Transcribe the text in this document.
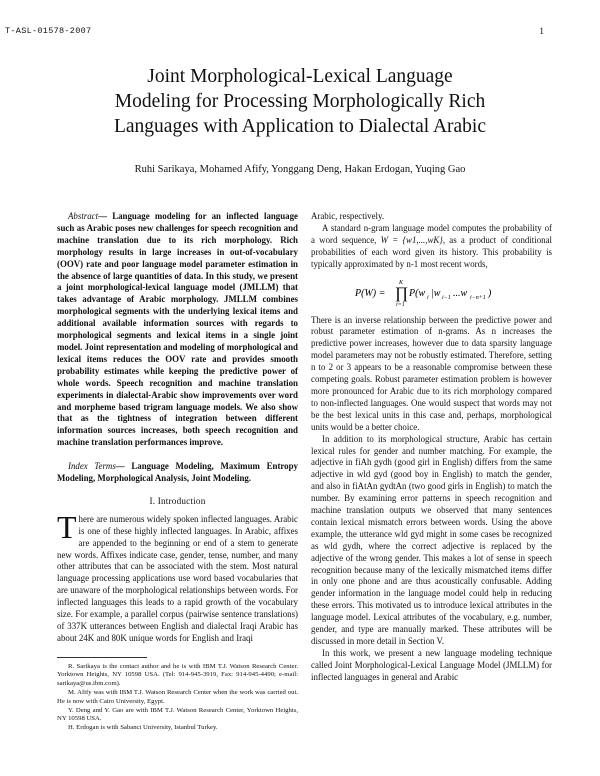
T-ASL-01578-2007	1
Joint Morphological-Lexical Language
Modeling for Processing Morphologically Rich
Languages with Application to Dialectal Arabic
Ruhi Sarikaya, Mohamed Afify, Yonggang Deng, Hakan Erdogan, Yuqing Gao

Abstract— Language modeling for an inflected language such as Arabic poses new challenges for speech recognition and machine translation due to its rich morphology. Rich morphology results in large increases in out-of-vocabulary (OOV) rate and poor language model parameter estimation in the absence of large quantities of data. In this study, we present a joint morphological-lexical language model (JMLLM) that takes advantage of Arabic morphology. JMLLM combines morphological segments with the underlying lexical items and additional available information sources with regards to morphological segments and lexical items in a single joint model. Joint representation and modeling of morphological and lexical items reduces the OOV rate and provides smooth probability estimates while keeping the predictive power of whole words. Speech recognition and machine translation experiments in dialectal-Arabic show improvements over word and morpheme based trigram language models. We also show that as the tightness of integration between different information sources increases, both speech recognition and machine translation performances improve.

Index Terms— Language Modeling, Maximum Entropy Modeling, Morphological Analysis, Joint Modeling.

I. Introduction

There are numerous widely spoken inflected languages. Arabic is one of these highly inflected languages. In Arabic, affixes are appended to the beginning or end of a stem to generate new words. Affixes indicate case, gender, tense, number, and many other attributes that can be associated with the stem. Most natural language processing applications use word based vocabularies that are unaware of the morphological relationships between words. For inflected languages this leads to a rapid growth of the vocabulary size. For example, a parallel corpus (pairwise sentence translations) of 337K utterances between English and dialectal Iraqi Arabic has about 24K and 80K unique words for English and Iraqi

R. Sarikaya is the contact author and he is with IBM T.J. Watson Research Center. Yorktown Heights, NY 10598 USA. (Tel: 914-945-3919, Fax: 914-945-4490; e-mail: sarikaya@us.ibm.com).

M. Afify was with IBM T.J. Watson Research Center when the work was carried out. He is now with Cairo University, Egypt.

Y. Deng and Y. Gao are with IBM T.J. Watson Research Center, Yorktown Heights, NY 10598 USA.

H. Erdogan is with Sabanci University, Istanbul Turkey.

Arabic, respectively.

A standard n-gram language model computes the probability of a word sequence, W = {w1,...,wK}, as a product of conditional probabilities of each word given its history. This probability is typically approximated by n-1 most recent words,

P(W) =
K
∏
i=1
P(w i |w i−1 ...w i−n+1 )

There is an inverse relationship between the predictive power and robust parameter estimation of n-grams. As n increases the predictive power increases, however due to data sparsity language model parameters may not be robustly estimated. Therefore, setting n to 2 or 3 appears to be a reasonable compromise between these competing goals. Robust parameter estimation problem is however more pronounced for Arabic due to its rich morphology compared to non-inflected languages. One would suspect that words may not be the best lexical units in this case and, perhaps, morphological units would be a better choice.

In addition to its morphological structure, Arabic has certain lexical rules for gender and number matching. For example, the adjective in fiAh gydh (good girl in English) differs from the same adjective in wld gyd (good boy in English) to match the gender, and also in fiAtAn gydtAn (two good girls in English) to match the number. By examining error patterns in speech recognition and machine translation outputs we observed that many sentences contain lexical mismatch errors between words. Using the above example, the utterance wld gyd might in some cases be recognized as wld gydh, where the correct adjective is replaced by the adjective of the wrong gender. This makes a lot of sense in speech recognition because many of the lexically mismatched items differ in only one phone and are thus acoustically confusable. Adding gender information in the language model could help in reducing these errors. This motivated us to introduce lexical attributes in the language model. Lexical attributes of the vocabulary, e.g. number, gender, and type are manually marked. These attributes will be discussed in more detail in Section V.

In this work, we present a new language modeling technique called Joint Morphological-Lexical Language Model (JMLLM) for inflected languages in general and Arabic
